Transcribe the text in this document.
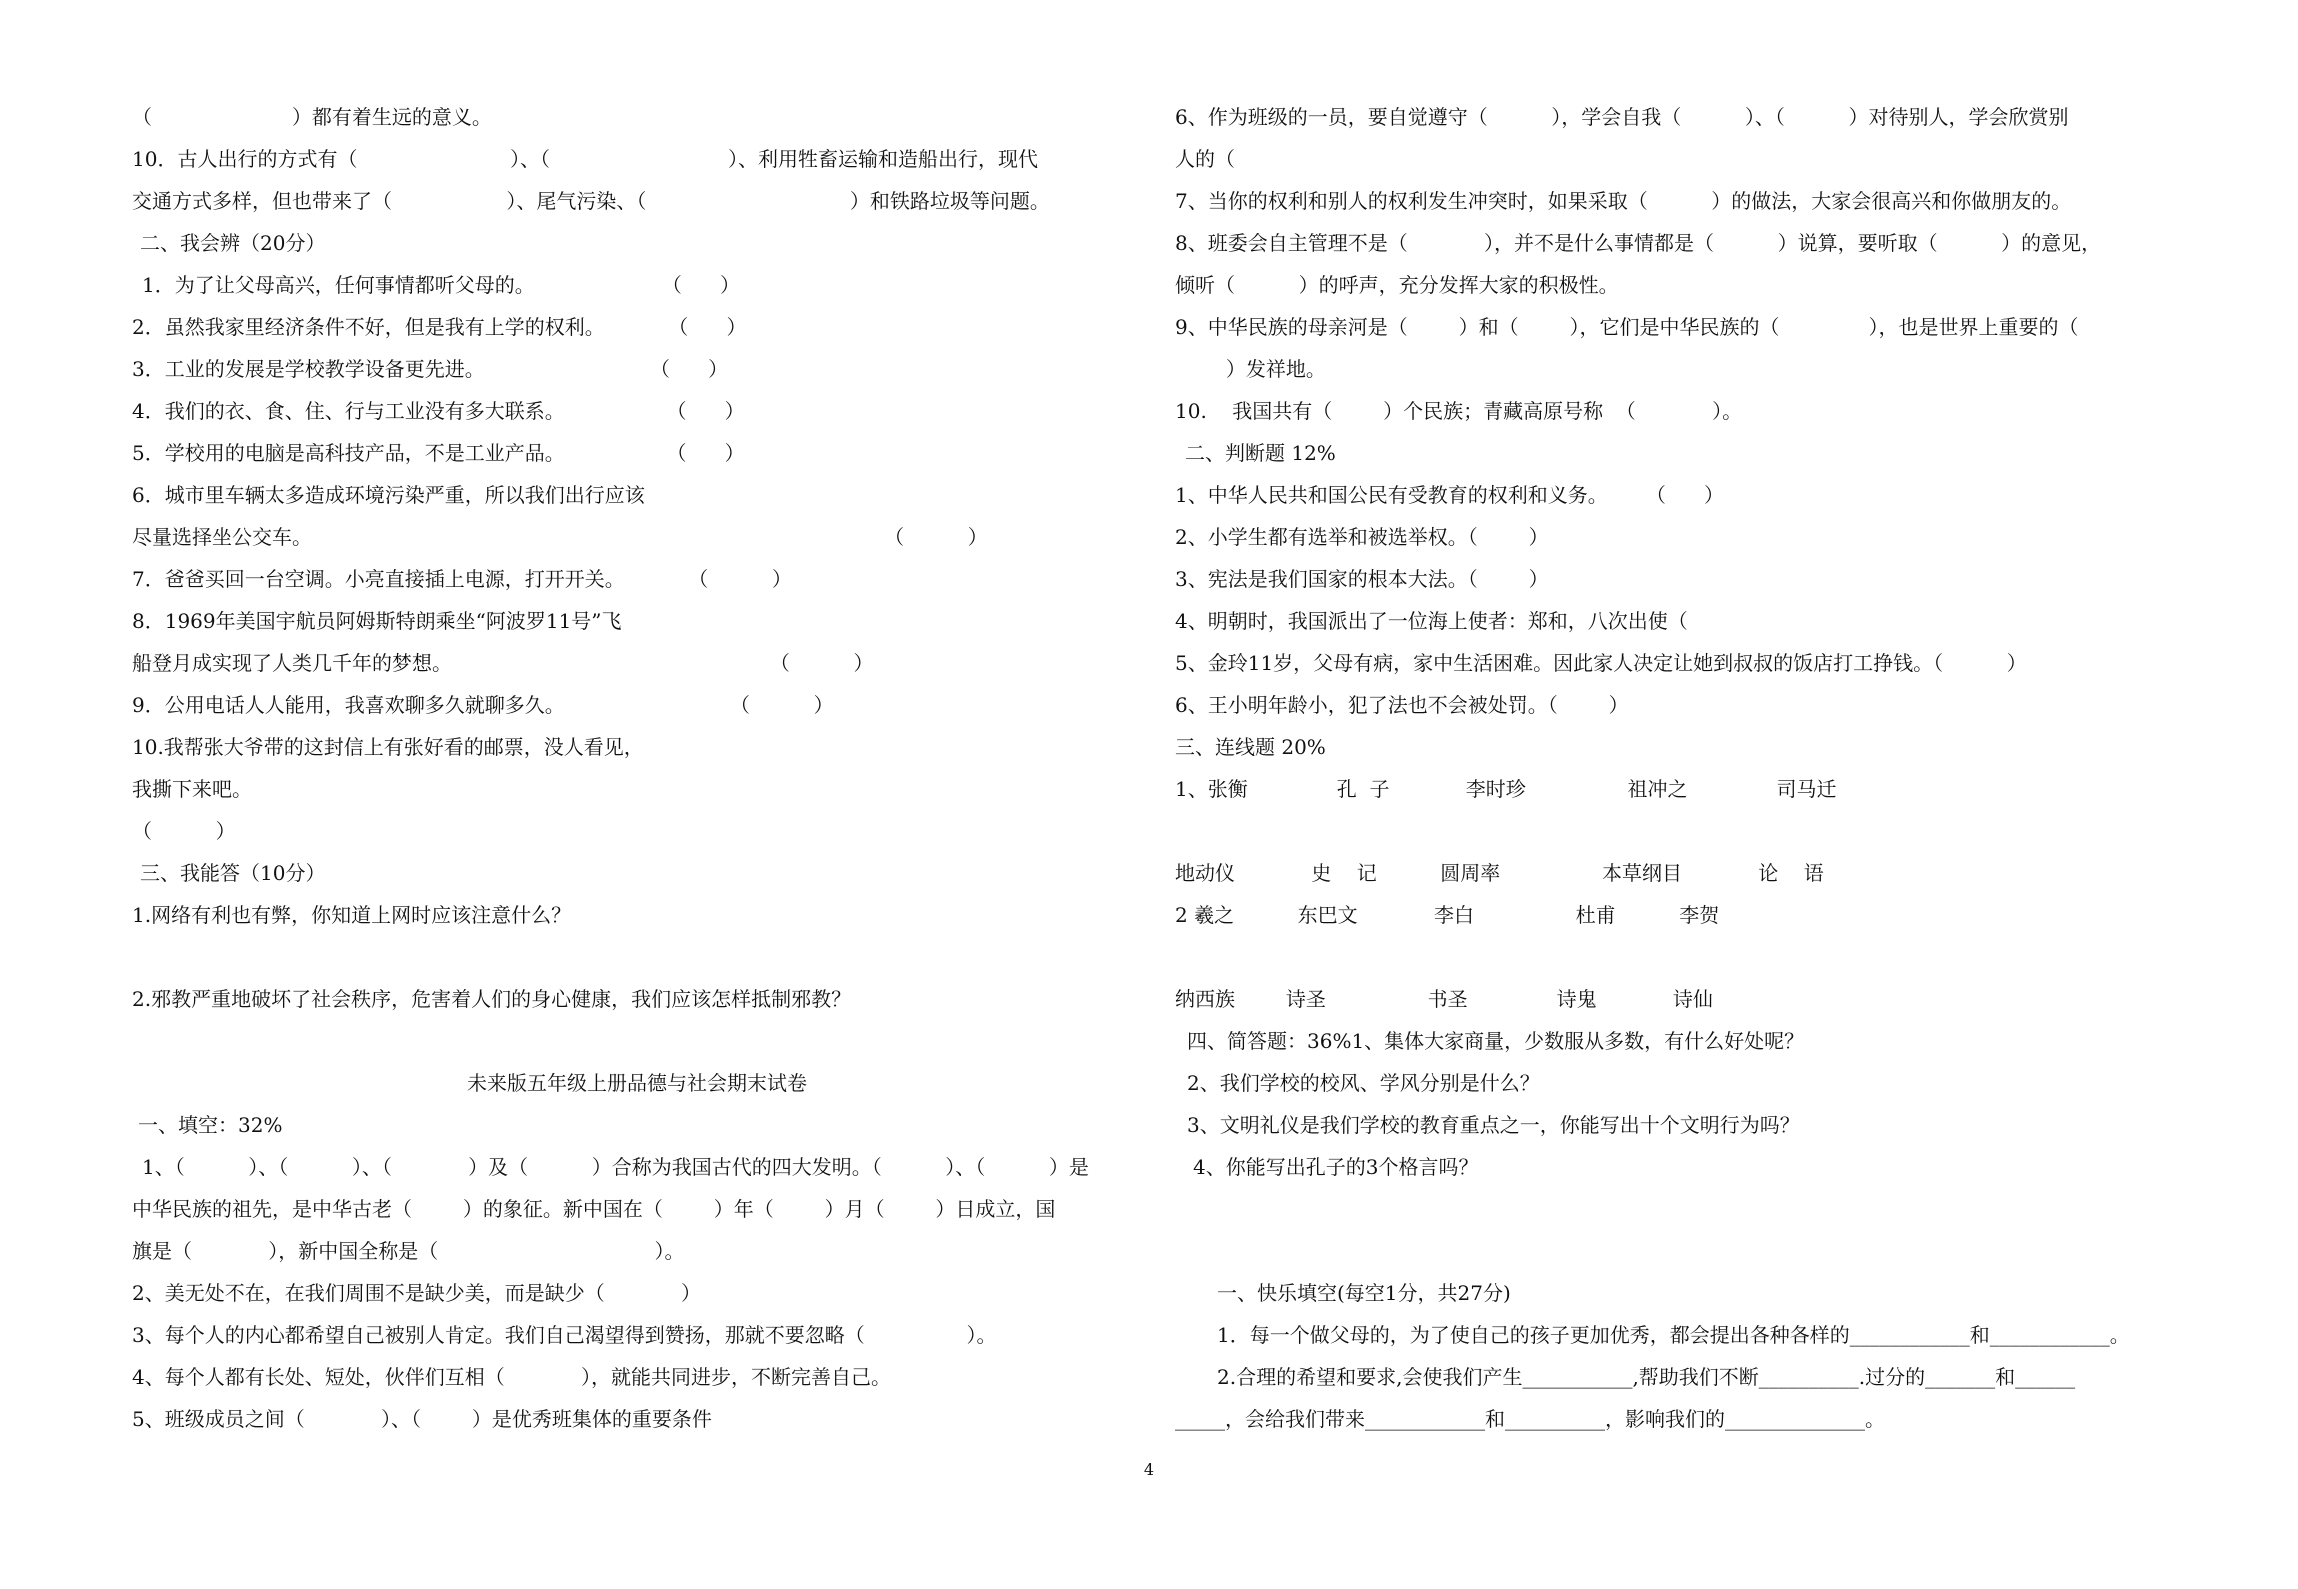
（                      ）都有着生远的意义。
10．古人出行的方式有（                        ）、（                            ）、利用牲畜运输和造船出行，现代
交通方式多样，但也带来了（                  ）、尾气污染、（                                ）和铁路垃圾等问题。
二、我会辨（20分）
1．为了让父母高兴，任何事情都听父母的。                    （      ）
2．虽然我家里经济条件不好，但是我有上学的权利。          （      ）
3．工业的发展是学校教学设备更先进。                          （      ）
4．我们的衣、食、住、行与工业没有多大联系。                （      ）
5．学校用的电脑是高科技产品，不是工业产品。                （      ）
6．城市里车辆太多造成环境污染严重，所以我们出行应该
尽量选择坐公交车。                                                                                          （          ）
7．爸爸买回一台空调。小亮直接插上电源，打开开关。          （          ）
8．1969年美国宇航员阿姆斯特朗乘坐“阿波罗11号”飞
船登月成实现了人类几千年的梦想。                                                  （          ）
9．公用电话人人能用，我喜欢聊多久就聊多久。                          （          ）
10.我帮张大爷带的这封信上有张好看的邮票，没人看见，
我撕下来吧。
（          ）
三、我能答（10分）
1.网络有利也有弊，你知道上网时应该注意什么？
2.邪教严重地破坏了社会秩序，危害着人们的身心健康，我们应该怎样抵制邪教？
未来版五年级上册品德与社会期末试卷
一、填空：32%
1、（          ）、（          ）、（            ）及（          ）合称为我国古代的四大发明。（          ）、（          ）是
中华民族的祖先，是中华古老（        ）的象征。新中国在（        ）年（        ）月（        ）日成立，国
旗是（            ），新中国全称是（                                  ）。
2、美无处不在，在我们周围不是缺少美，而是缺少（            ）
3、每个人的内心都希望自己被别人肯定。我们自己渴望得到赞扬，那就不要忽略（                ）。
4、每个人都有长处、短处，伙伴们互相（            ），就能共同进步，不断完善自己。
5、班级成员之间（            ）、（        ）是优秀班集体的重要条件
6、作为班级的一员，要自觉遵守（          ），学会自我（          ）、（          ）对待别人，学会欣赏别
人的（
7、当你的权利和别人的权利发生冲突时，如果采取（          ）的做法，大家会很高兴和你做朋友的。
8、班委会自主管理不是（            ），并不是什么事情都是（          ）说算，要听取（          ）的意见，
倾听（          ）的呼声，充分发挥大家的积极性。
9、中华民族的母亲河是（        ）和（        ），它们是中华民族的（              ），也是世界上重要的（
）发祥地。
10.    我国共有（        ）个民族；青藏高原号称  （            ）。
二、判断题 12%
1、中华人民共和国公民有受教育的权利和义务。      （      ）
2、小学生都有选举和被选举权。（        ）
3、宪法是我们国家的根本大法。（        ）
4、明朝时，我国派出了一位海上使者：郑和，八次出使（
5、金玲11岁，父母有病，家中生活困难。因此家人决定让她到叔叔的饭店打工挣钱。（          ）
6、王小明年龄小，犯了法也不会被处罚。（        ）
三、连线题 20%
1、张衡              孔  子            李时珍                祖冲之              司马迁
地动仪            史    记          圆周率                本草纲目            论    语
2 羲之          东巴文            李白                杜甫          李贺
纳西族        诗圣                书圣              诗鬼            诗仙
四、简答题：36%1、集体大家商量，少数服从多数，有什么好处呢？
2、我们学校的校风、学风分别是什么？
3、文明礼仪是我们学校的教育重点之一，你能写出十个文明行为吗？
4、你能写出孔子的3个格言吗？
一、快乐填空(每空1分，共27分)
1．每一个做父母的，为了使自己的孩子更加优秀，都会提出各种各样的____________和____________。
2.合理的希望和要求,会使我们产生___________,帮助我们不断__________.过分的_______和______
_____，会给我们带来____________和__________，影响我们的______________。
4
